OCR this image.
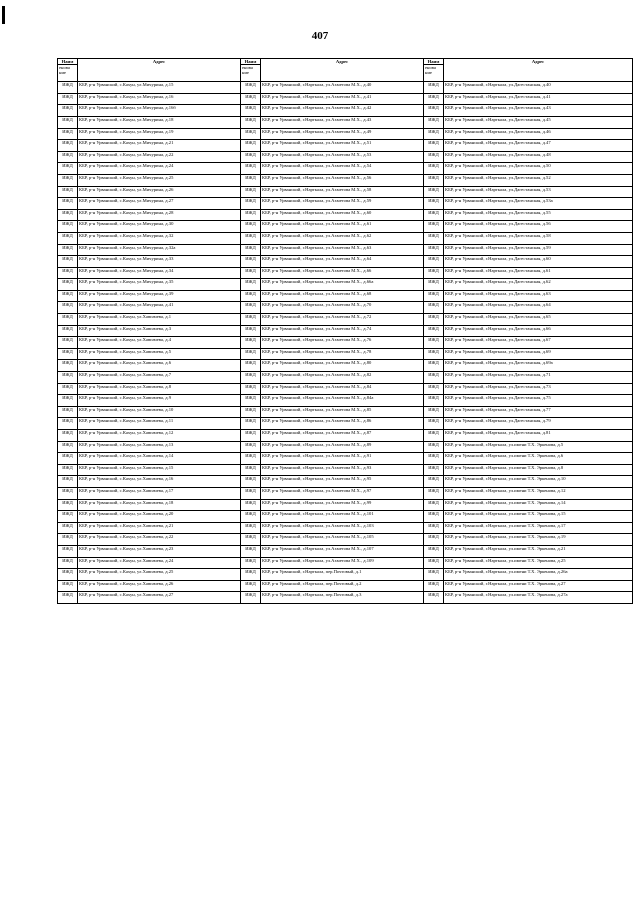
407
Наим	Адрес	Наим	Адрес	Наим	Адрес
енова ние		енова ние		енова ние	
ИЖД	КБР, р-н Урванский, с.Кахун, ул.Мичурина, д.15	ИЖД	КБР, р-н Урванский, г.Нарткала, ул.Ахметова М.Х., д.40	ИЖД	КБР, р-н Урванский, г.Нарткала, ул.Дагестанская, д.40
ИЖД	КБР, р-н Урванский, с.Кахун, ул.Мичурина, д.16	ИЖД	КБР, р-н Урванский, г.Нарткала, ул.Ахметова М.Х., д.41	ИЖД	КБР, р-н Урванский, г.Нарткала, ул.Дагестанская, д.41
ИЖД	КБР, р-н Урванский, с.Кахун, ул.Мичурина, д.16б	ИЖД	КБР, р-н Урванский, г.Нарткала, ул.Ахметова М.Х., д.42	ИЖД	КБР, р-н Урванский, г.Нарткала, ул.Дагестанская, д.43
ИЖД	КБР, р-н Урванский, с.Кахун, ул.Мичурина, д.18	ИЖД	КБР, р-н Урванский, г.Нарткала, ул.Ахметова М.Х., д.43	ИЖД	КБР, р-н Урванский, г.Нарткала, ул.Дагестанская, д.45
ИЖД	КБР, р-н Урванский, с.Кахун, ул.Мичурина, д.19	ИЖД	КБР, р-н Урванский, г.Нарткала, ул.Ахметова М.Х., д.49	ИЖД	КБР, р-н Урванский, г.Нарткала, ул.Дагестанская, д.46
ИЖД	КБР, р-н Урванский, с.Кахун, ул.Мичурина, д.21	ИЖД	КБР, р-н Урванский, г.Нарткала, ул.Ахметова М.Х., д.51	ИЖД	КБР, р-н Урванский, г.Нарткала, ул.Дагестанская, д.47
ИЖД	КБР, р-н Урванский, с.Кахун, ул.Мичурина, д.22	ИЖД	КБР, р-н Урванский, г.Нарткала, ул.Ахметова М.Х., д.53	ИЖД	КБР, р-н Урванский, г.Нарткала, ул.Дагестанская, д.48
ИЖД	КБР, р-н Урванский, с.Кахун, ул.Мичурина, д.24	ИЖД	КБР, р-н Урванский, г.Нарткала, ул.Ахметова М.Х., д.54	ИЖД	КБР, р-н Урванский, г.Нарткала, ул.Дагестанская, д.50
ИЖД	КБР, р-н Урванский, с.Кахун, ул.Мичурина, д.25	ИЖД	КБР, р-н Урванский, г.Нарткала, ул.Ахметова М.Х., д.56	ИЖД	КБР, р-н Урванский, г.Нарткала, ул.Дагестанская, д.52
ИЖД	КБР, р-н Урванский, с.Кахун, ул.Мичурина, д.26	ИЖД	КБР, р-н Урванский, г.Нарткала, ул.Ахметова М.Х., д.58	ИЖД	КБР, р-н Урванский, г.Нарткала, ул.Дагестанская, д.53
ИЖД	КБР, р-н Урванский, с.Кахун, ул.Мичурина, д.27	ИЖД	КБР, р-н Урванский, г.Нарткала, ул.Ахметова М.Х., д.59	ИЖД	КБР, р-н Урванский, г.Нарткала, ул.Дагестанская, д.53а
ИЖД	КБР, р-н Урванский, с.Кахун, ул.Мичурина, д.28	ИЖД	КБР, р-н Урванский, г.Нарткала, ул.Ахметова М.Х., д.60	ИЖД	КБР, р-н Урванский, г.Нарткала, ул.Дагестанская, д.55
ИЖД	КБР, р-н Урванский, с.Кахун, ул.Мичурина, д.30	ИЖД	КБР, р-н Урванский, г.Нарткала, ул.Ахметова М.Х., д.61	ИЖД	КБР, р-н Урванский, г.Нарткала, ул.Дагестанская, д.56
ИЖД	КБР, р-н Урванский, с.Кахун, ул.Мичурина, д.32	ИЖД	КБР, р-н Урванский, г.Нарткала, ул.Ахметова М.Х., д.62	ИЖД	КБР, р-н Урванский, г.Нарткала, ул.Дагестанская, д.58
ИЖД	КБР, р-н Урванский, с.Кахун, ул.Мичурина, д.32а	ИЖД	КБР, р-н Урванский, г.Нарткала, ул.Ахметова М.Х., д.63	ИЖД	КБР, р-н Урванский, г.Нарткала, ул.Дагестанская, д.59
ИЖД	КБР, р-н Урванский, с.Кахун, ул.Мичурина, д.33	ИЖД	КБР, р-н Урванский, г.Нарткала, ул.Ахметова М.Х., д.64	ИЖД	КБР, р-н Урванский, г.Нарткала, ул.Дагестанская, д.60
ИЖД	КБР, р-н Урванский, с.Кахун, ул.Мичурина, д.34	ИЖД	КБР, р-н Урванский, г.Нарткала, ул.Ахметова М.Х., д.66	ИЖД	КБР, р-н Урванский, г.Нарткала, ул.Дагестанская, д.61
ИЖД	КБР, р-н Урванский, с.Кахун, ул.Мичурина, д.35	ИЖД	КБР, р-н Урванский, г.Нарткала, ул.Ахметова М.Х., д.66а	ИЖД	КБР, р-н Урванский, г.Нарткала, ул.Дагестанская, д.62
ИЖД	КБР, р-н Урванский, с.Кахун, ул.Мичурина, д.39	ИЖД	КБР, р-н Урванский, г.Нарткала, ул.Ахметова М.Х., д.68	ИЖД	КБР, р-н Урванский, г.Нарткала, ул.Дагестанская, д.63
ИЖД	КБР, р-н Урванский, с.Кахун, ул.Мичурина, д.41	ИЖД	КБР, р-н Урванский, г.Нарткала, ул.Ахметова М.Х., д.70	ИЖД	КБР, р-н Урванский, г.Нарткала, ул.Дагестанская, д.64
ИЖД	КБР, р-н Урванский, с.Кахун, ул.Хавпачева, д.1	ИЖД	КБР, р-н Урванский, г.Нарткала, ул.Ахметова М.Х., д.72	ИЖД	КБР, р-н Урванский, г.Нарткала, ул.Дагестанская, д.65
ИЖД	КБР, р-н Урванский, с.Кахун, ул.Хавпачева, д.3	ИЖД	КБР, р-н Урванский, г.Нарткала, ул.Ахметова М.Х., д.74	ИЖД	КБР, р-н Урванский, г.Нарткала, ул.Дагестанская, д.66
ИЖД	КБР, р-н Урванский, с.Кахун, ул.Хавпачева, д.4	ИЖД	КБР, р-н Урванский, г.Нарткала, ул.Ахметова М.Х., д.76	ИЖД	КБР, р-н Урванский, г.Нарткала, ул.Дагестанская, д.67
ИЖД	КБР, р-н Урванский, с.Кахун, ул.Хавпачева, д.5	ИЖД	КБР, р-н Урванский, г.Нарткала, ул.Ахметова М.Х., д.78	ИЖД	КБР, р-н Урванский, г.Нарткала, ул.Дагестанская, д.69
ИЖД	КБР, р-н Урванский, с.Кахун, ул.Хавпачева, д.6	ИЖД	КБР, р-н Урванский, г.Нарткала, ул.Ахметова М.Х., д.80	ИЖД	КБР, р-н Урванский, г.Нарткала, ул.Дагестанская, д.69а
ИЖД	КБР, р-н Урванский, с.Кахун, ул.Хавпачева, д.7	ИЖД	КБР, р-н Урванский, г.Нарткала, ул.Ахметова М.Х., д.82	ИЖД	КБР, р-н Урванский, г.Нарткала, ул.Дагестанская, д.71
ИЖД	КБР, р-н Урванский, с.Кахун, ул.Хавпачева, д.8	ИЖД	КБР, р-н Урванский, г.Нарткала, ул.Ахметова М.Х., д.84	ИЖД	КБР, р-н Урванский, г.Нарткала, ул.Дагестанская, д.73
ИЖД	КБР, р-н Урванский, с.Кахун, ул.Хавпачева, д.9	ИЖД	КБР, р-н Урванский, г.Нарткала, ул.Ахметова М.Х., д.84а	ИЖД	КБР, р-н Урванский, г.Нарткала, ул.Дагестанская, д.75
ИЖД	КБР, р-н Урванский, с.Кахун, ул.Хавпачева, д.10	ИЖД	КБР, р-н Урванский, г.Нарткала, ул.Ахметова М.Х., д.85	ИЖД	КБР, р-н Урванский, г.Нарткала, ул.Дагестанская, д.77
ИЖД	КБР, р-н Урванский, с.Кахун, ул.Хавпачева, д.11	ИЖД	КБР, р-н Урванский, г.Нарткала, ул.Ахметова М.Х., д.86	ИЖД	КБР, р-н Урванский, г.Нарткала, ул.Дагестанская, д.79
ИЖД	КБР, р-н Урванский, с.Кахун, ул.Хавпачева, д.12	ИЖД	КБР, р-н Урванский, г.Нарткала, ул.Ахметова М.Х., д.87	ИЖД	КБР, р-н Урванский, г.Нарткала, ул.Дагестанская, д.81
ИЖД	КБР, р-н Урванский, с.Кахун, ул.Хавпачева, д.13	ИЖД	КБР, р-н Урванский, г.Нарткала, ул.Ахметова М.Х., д.89	ИЖД	КБР, р-н Урванский, г.Нарткала, ул.имени Т.Х. Эркенова, д.5
ИЖД	КБР, р-н Урванский, с.Кахун, ул.Хавпачева, д.14	ИЖД	КБР, р-н Урванский, г.Нарткала, ул.Ахметова М.Х., д.91	ИЖД	КБР, р-н Урванский, г.Нарткала, ул.имени Т.Х. Эркенова, д.6
ИЖД	КБР, р-н Урванский, с.Кахун, ул.Хавпачева, д.15	ИЖД	КБР, р-н Урванский, г.Нарткала, ул.Ахметова М.Х., д.93	ИЖД	КБР, р-н Урванский, г.Нарткала, ул.имени Т.Х. Эркенова, д.8
ИЖД	КБР, р-н Урванский, с.Кахун, ул.Хавпачева, д.16	ИЖД	КБР, р-н Урванский, г.Нарткала, ул.Ахметова М.Х., д.95	ИЖД	КБР, р-н Урванский, г.Нарткала, ул.имени Т.Х. Эркенова, д.10
ИЖД	КБР, р-н Урванский, с.Кахун, ул.Хавпачева, д.17	ИЖД	КБР, р-н Урванский, г.Нарткала, ул.Ахметова М.Х., д.97	ИЖД	КБР, р-н Урванский, г.Нарткала, ул.имени Т.Х. Эркенова, д.12
ИЖД	КБР, р-н Урванский, с.Кахун, ул.Хавпачева, д.18	ИЖД	КБР, р-н Урванский, г.Нарткала, ул.Ахметова М.Х., д.99	ИЖД	КБР, р-н Урванский, г.Нарткала, ул.имени Т.Х. Эркенова, д.14
ИЖД	КБР, р-н Урванский, с.Кахун, ул.Хавпачева, д.20	ИЖД	КБР, р-н Урванский, г.Нарткала, ул.Ахметова М.Х., д.101	ИЖД	КБР, р-н Урванский, г.Нарткала, ул.имени Т.Х. Эркенова, д.15
ИЖД	КБР, р-н Урванский, с.Кахун, ул.Хавпачева, д.21	ИЖД	КБР, р-н Урванский, г.Нарткала, ул.Ахметова М.Х., д.103	ИЖД	КБР, р-н Урванский, г.Нарткала, ул.имени Т.Х. Эркенова, д.17
ИЖД	КБР, р-н Урванский, с.Кахун, ул.Хавпачева, д.22	ИЖД	КБР, р-н Урванский, г.Нарткала, ул.Ахметова М.Х., д.105	ИЖД	КБР, р-н Урванский, г.Нарткала, ул.имени Т.Х. Эркенова, д.19
ИЖД	КБР, р-н Урванский, с.Кахун, ул.Хавпачева, д.23	ИЖД	КБР, р-н Урванский, г.Нарткала, ул.Ахметова М.Х., д.107	ИЖД	КБР, р-н Урванский, г.Нарткала, ул.имени Т.Х. Эркенова, д.21
ИЖД	КБР, р-н Урванский, с.Кахун, ул.Хавпачева, д.24	ИЖД	КБР, р-н Урванский, г.Нарткала, ул.Ахметова М.Х., д.109	ИЖД	КБР, р-н Урванский, г.Нарткала, ул.имени Т.Х. Эркенова, д.25
ИЖД	КБР, р-н Урванский, с.Кахун, ул.Хавпачева, д.25	ИЖД	КБР, р-н Урванский, г.Нарткала, пер.Почтовый, д.1	ИЖД	КБР, р-н Урванский, г.Нарткала, ул.имени Т.Х. Эркенова, д.26а
ИЖД	КБР, р-н Урванский, с.Кахун, ул.Хавпачева, д.26	ИЖД	КБР, р-н Урванский, г.Нарткала, пер.Почтовый, д.2	ИЖД	КБР, р-н Урванский, г.Нарткала, ул.имени Т.Х. Эркенова, д.27
ИЖД	КБР, р-н Урванский, с.Кахун, ул.Хавпачева, д.27	ИЖД	КБР, р-н Урванский, г.Нарткала, пер.Почтовый, д.3	ИЖД	КБР, р-н Урванский, г.Нарткала, ул.имени Т.Х. Эркенова, д.27а
